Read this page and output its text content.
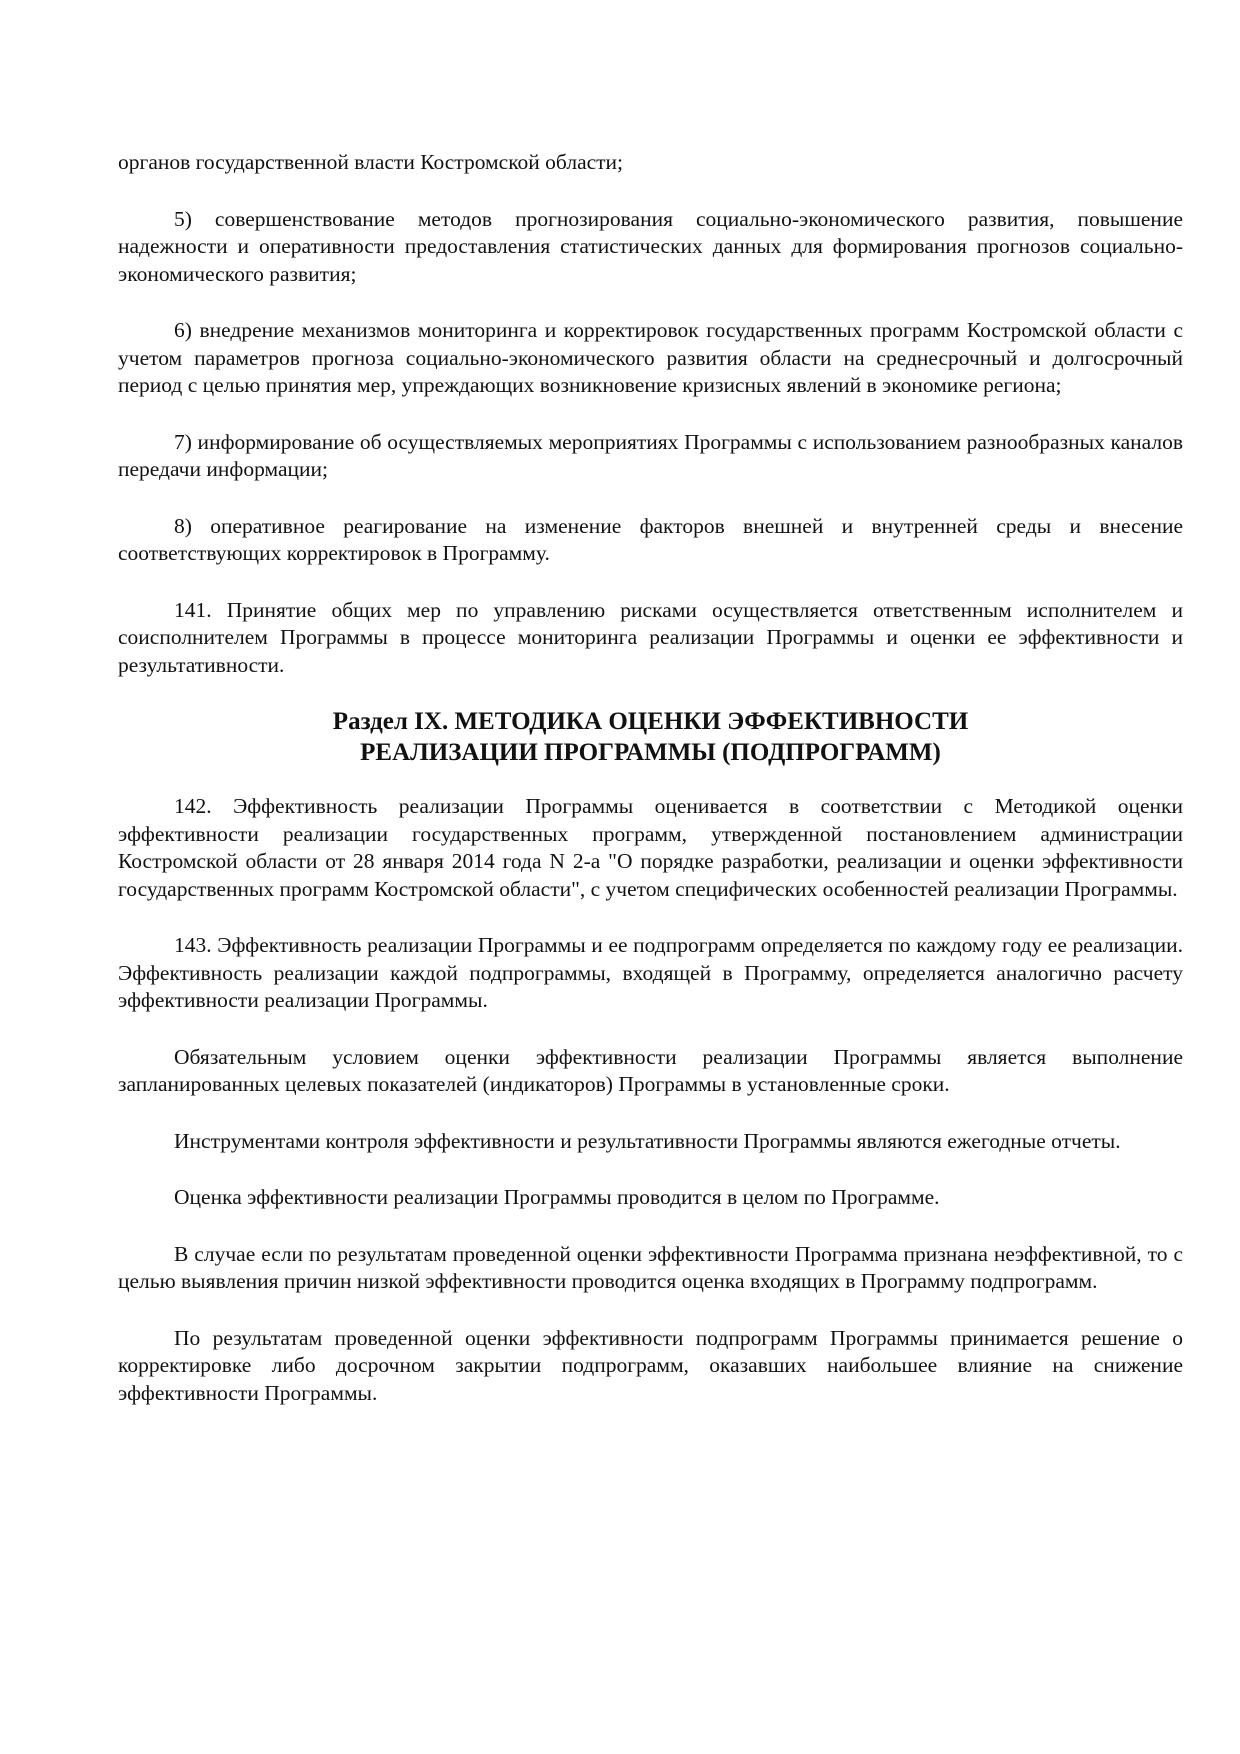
органов государственной власти Костромской области;

5) совершенствование методов прогнозирования социально-экономического развития, повышение надежности и оперативности предоставления статистических данных для формирования прогнозов социально-экономического развития;

6) внедрение механизмов мониторинга и корректировок государственных программ Костромской области с учетом параметров прогноза социально-экономического развития области на среднесрочный и долгосрочный период с целью принятия мер, упреждающих возникновение кризисных явлений в экономике региона;

7) информирование об осуществляемых мероприятиях Программы с использованием разнообразных каналов передачи информации;

8) оперативное реагирование на изменение факторов внешней и внутренней среды и внесение соответствующих корректировок в Программу.

141. Принятие общих мер по управлению рисками осуществляется ответственным исполнителем и соисполнителем Программы в процессе мониторинга реализации Программы и оценки ее эффективности и результативности.

Раздел IX. МЕТОДИКА ОЦЕНКИ ЭФФЕКТИВНОСТИ
РЕАЛИЗАЦИИ ПРОГРАММЫ (ПОДПРОГРАММ)

142. Эффективность реализации Программы оценивается в соответствии с Методикой оценки эффективности реализации государственных программ, утвержденной постановлением администрации Костромской области от 28 января 2014 года N 2-а "О порядке разработки, реализации и оценки эффективности государственных программ Костромской области", с учетом специфических особенностей реализации Программы.

143. Эффективность реализации Программы и ее подпрограмм определяется по каждому году ее реализации. Эффективность реализации каждой подпрограммы, входящей в Программу, определяется аналогично расчету эффективности реализации Программы.

Обязательным условием оценки эффективности реализации Программы является выполнение запланированных целевых показателей (индикаторов) Программы в установленные сроки.

Инструментами контроля эффективности и результативности Программы являются ежегодные отчеты.

Оценка эффективности реализации Программы проводится в целом по Программе.

В случае если по результатам проведенной оценки эффективности Программа признана неэффективной, то с целью выявления причин низкой эффективности проводится оценка входящих в Программу подпрограмм.

По результатам проведенной оценки эффективности подпрограмм Программы принимается решение о корректировке либо досрочном закрытии подпрограмм, оказавших наибольшее влияние на снижение эффективности Программы.
